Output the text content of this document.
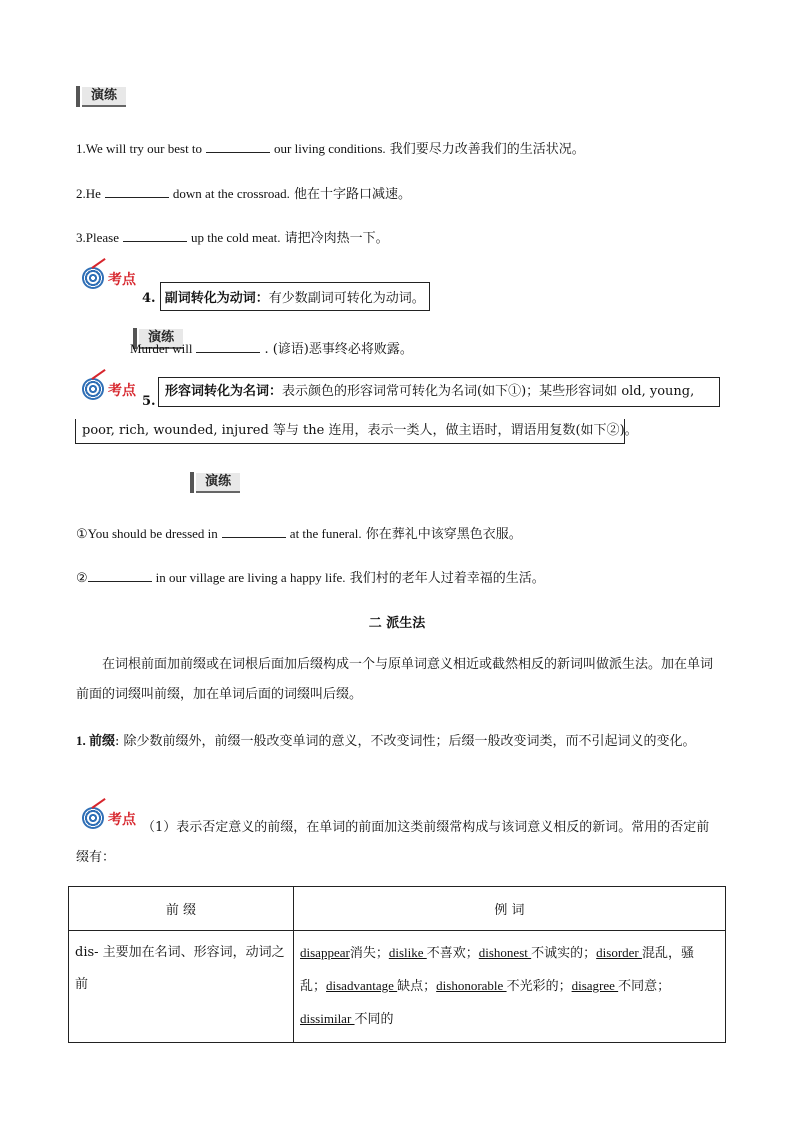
演练

1.We will try our best to	our living conditions. 我们要尽力改善我们的生活状况。
2.He	down at the crossroad. 他在十字路口减速。
3.Please	up the cold meat. 请把冷肉热一下。
考点
4. 副词转化为动词：有少数副词可转化为动词。
演练

Murder will	. (谚语)恶事终必将败露。
考点
5.
形容词转化为名词：表示颜色的形容词常可转化为名词(如下①)；某些形容词如 old, young,
poor, rich, wounded, injured 等与 the 连用，表示一类人，做主语时，谓语用复数(如下②)。
演练
①You should be dressed in	at the funeral. 你在葬礼中该穿黑色衣服。
②	in our village are living a happy life. 我们村的老年人过着幸福的生活。
二 派生法
在词根前面加前缀或在词根后面加后缀构成一个与原单词意义相近或截然相反的新词叫做派生法。加在单词前面的词缀叫前缀，加在单词后面的词缀叫后缀。
1. 前缀: 除少数前缀外，前缀一般改变单词的意义，不改变词性；后缀一般改变词类，而不引起词义的变化。
考点 （1）表示否定意义的前缀，在单词的前面加这类前缀常构成与该词意义相反的新词。常用的否定前缀有：
前 缀	例 词
dis- 主要加在名词、形容词，动词之前	disappear消失；dislike 不喜欢；dishonest 不诚实的；disorder 混乱，骚乱；disadvantage 缺点；dishonorable 不光彩的；disagree 不同意；dissimilar 不同的
